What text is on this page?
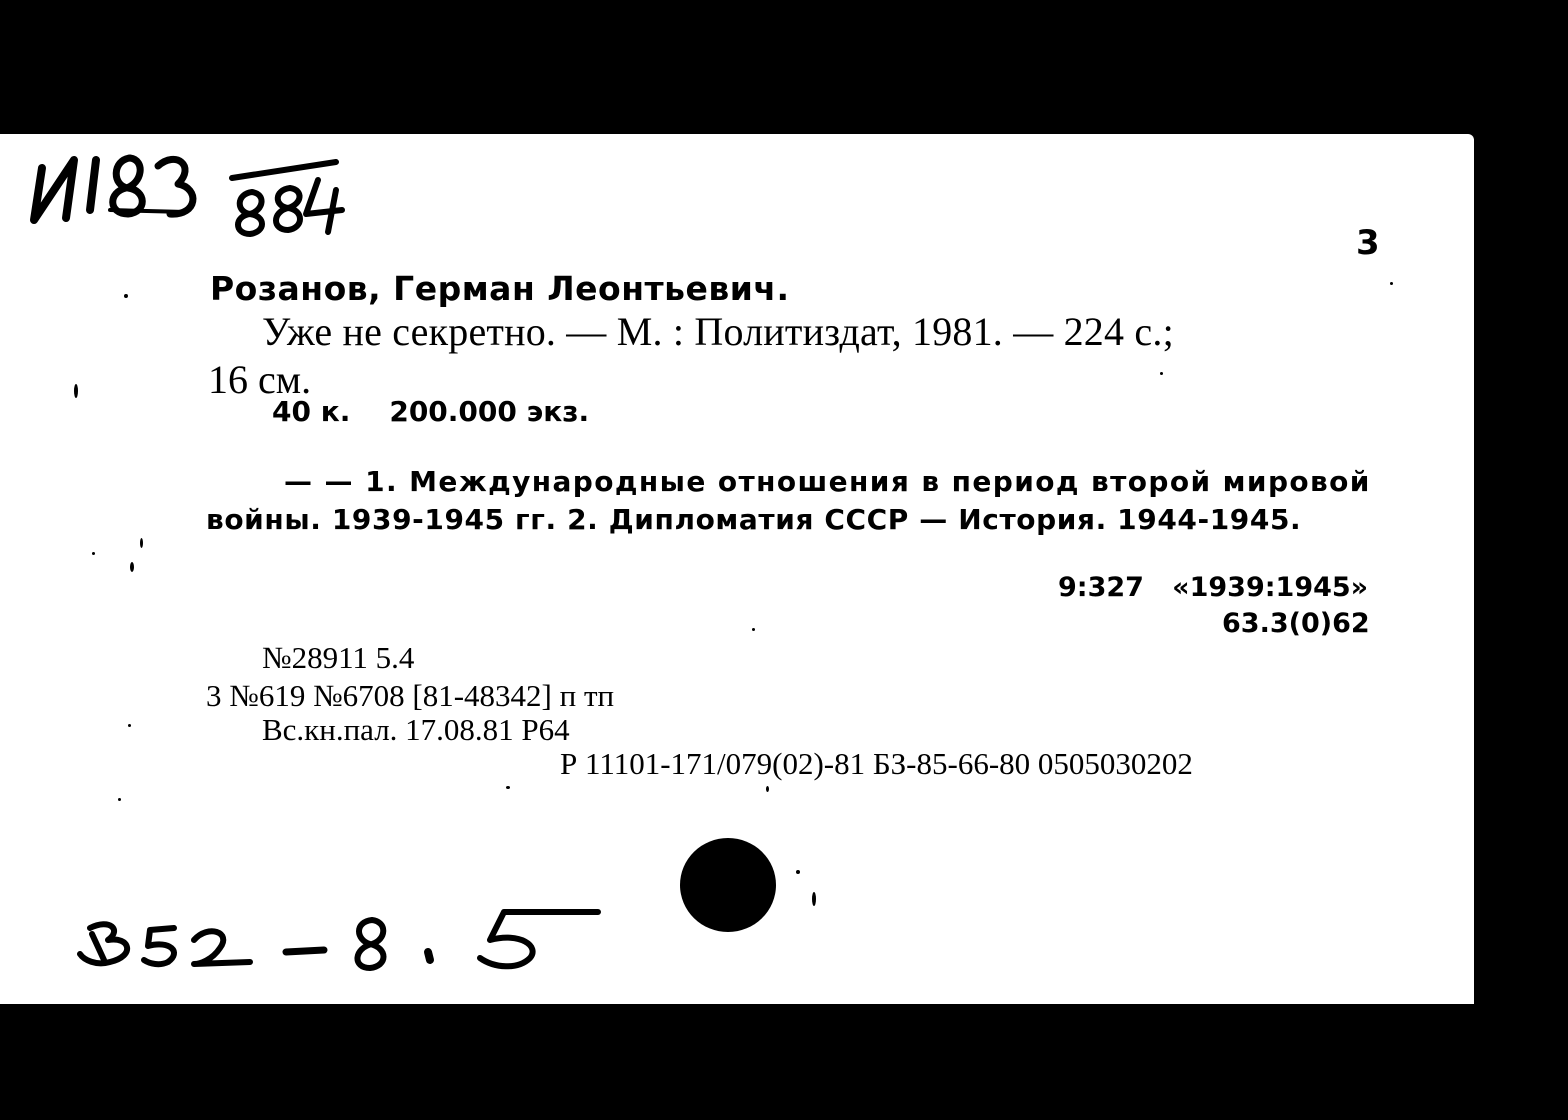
3
Розанов, Герман Леонтьевич.
Уже не секретно. — М. : Политиздат, 1981. — 224 с.;
16 см.
40 к.    200.000 экз.
— — 1. Международные отношения в период второй мировой
войны. 1939-1945 гг. 2. Дипломатия СССР — История. 1944-1945.
9:327   «1939:1945»
63.3(0)62
№28911 5.4
3 №619 №6708 [81-48342] п тп
Вс.кн.пал. 17.08.81 Р64
Р 11101-171/079(02)-81 БЗ-85-66-80 0505030202
